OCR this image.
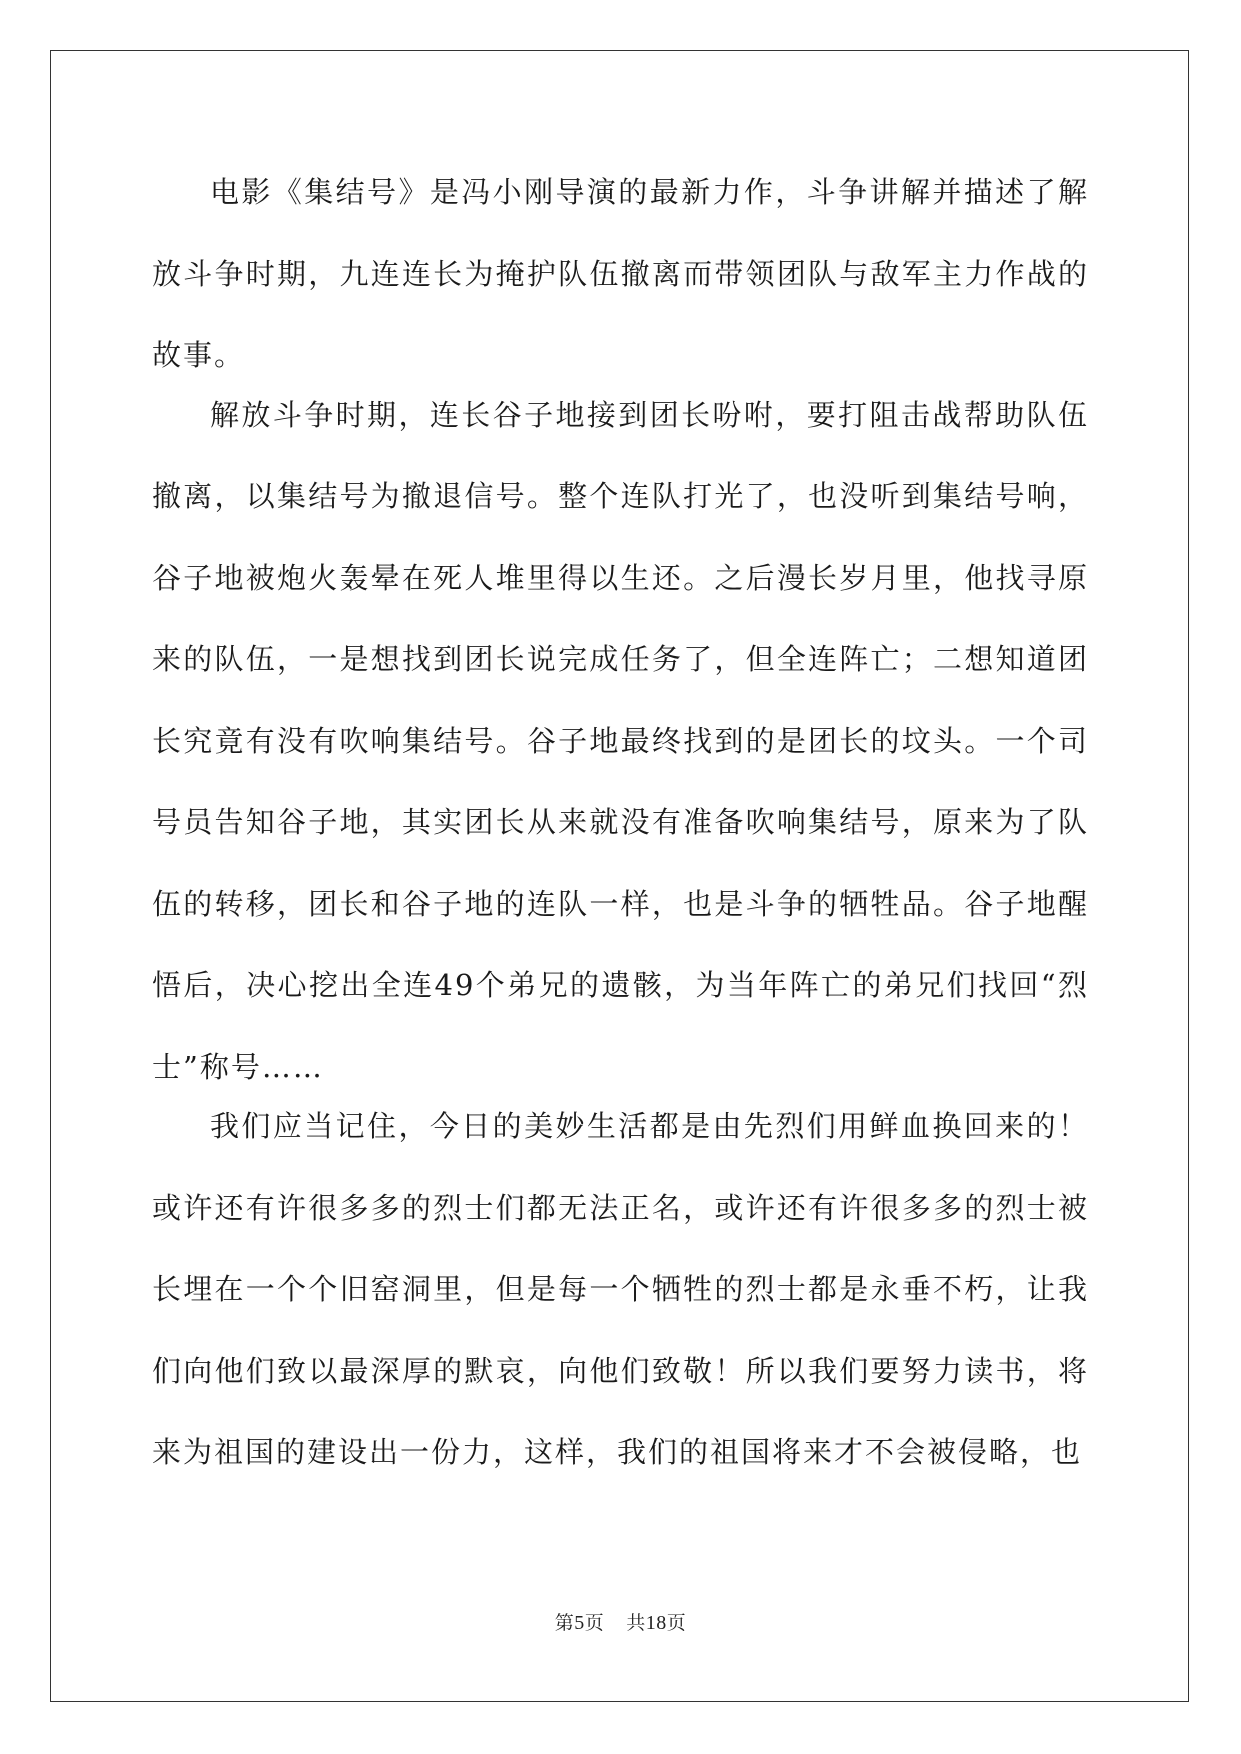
电影《集结号》是冯小刚导演的最新力作，斗争讲解并描述了解放斗争时期，九连连长为掩护队伍撤离而带领团队与敌军主力作战的故事。

解放斗争时期，连长谷子地接到团长吩咐，要打阻击战帮助队伍撤离，以集结号为撤退信号。整个连队打光了，也没听到集结号响，谷子地被炮火轰晕在死人堆里得以生还。之后漫长岁月里，他找寻原来的队伍，一是想找到团长说完成任务了，但全连阵亡；二想知道团长究竟有没有吹响集结号。谷子地最终找到的是团长的坟头。一个司号员告知谷子地，其实团长从来就没有准备吹响集结号，原来为了队伍的转移，团长和谷子地的连队一样，也是斗争的牺牲品。谷子地醒悟后，决心挖出全连49个弟兄的遗骸，为当年阵亡的弟兄们找回“烈士”称号……

我们应当记住，今日的美妙生活都是由先烈们用鲜血换回来的！或许还有许很多多的烈士们都无法正名，或许还有许很多多的烈士被长埋在一个个旧窑洞里，但是每一个牺牲的烈士都是永垂不朽，让我们向他们致以最深厚的默哀，向他们致敬！所以我们要努力读书，将来为祖国的建设出一份力，这样，我们的祖国将来才不会被侵略，也

第5页 共18页
